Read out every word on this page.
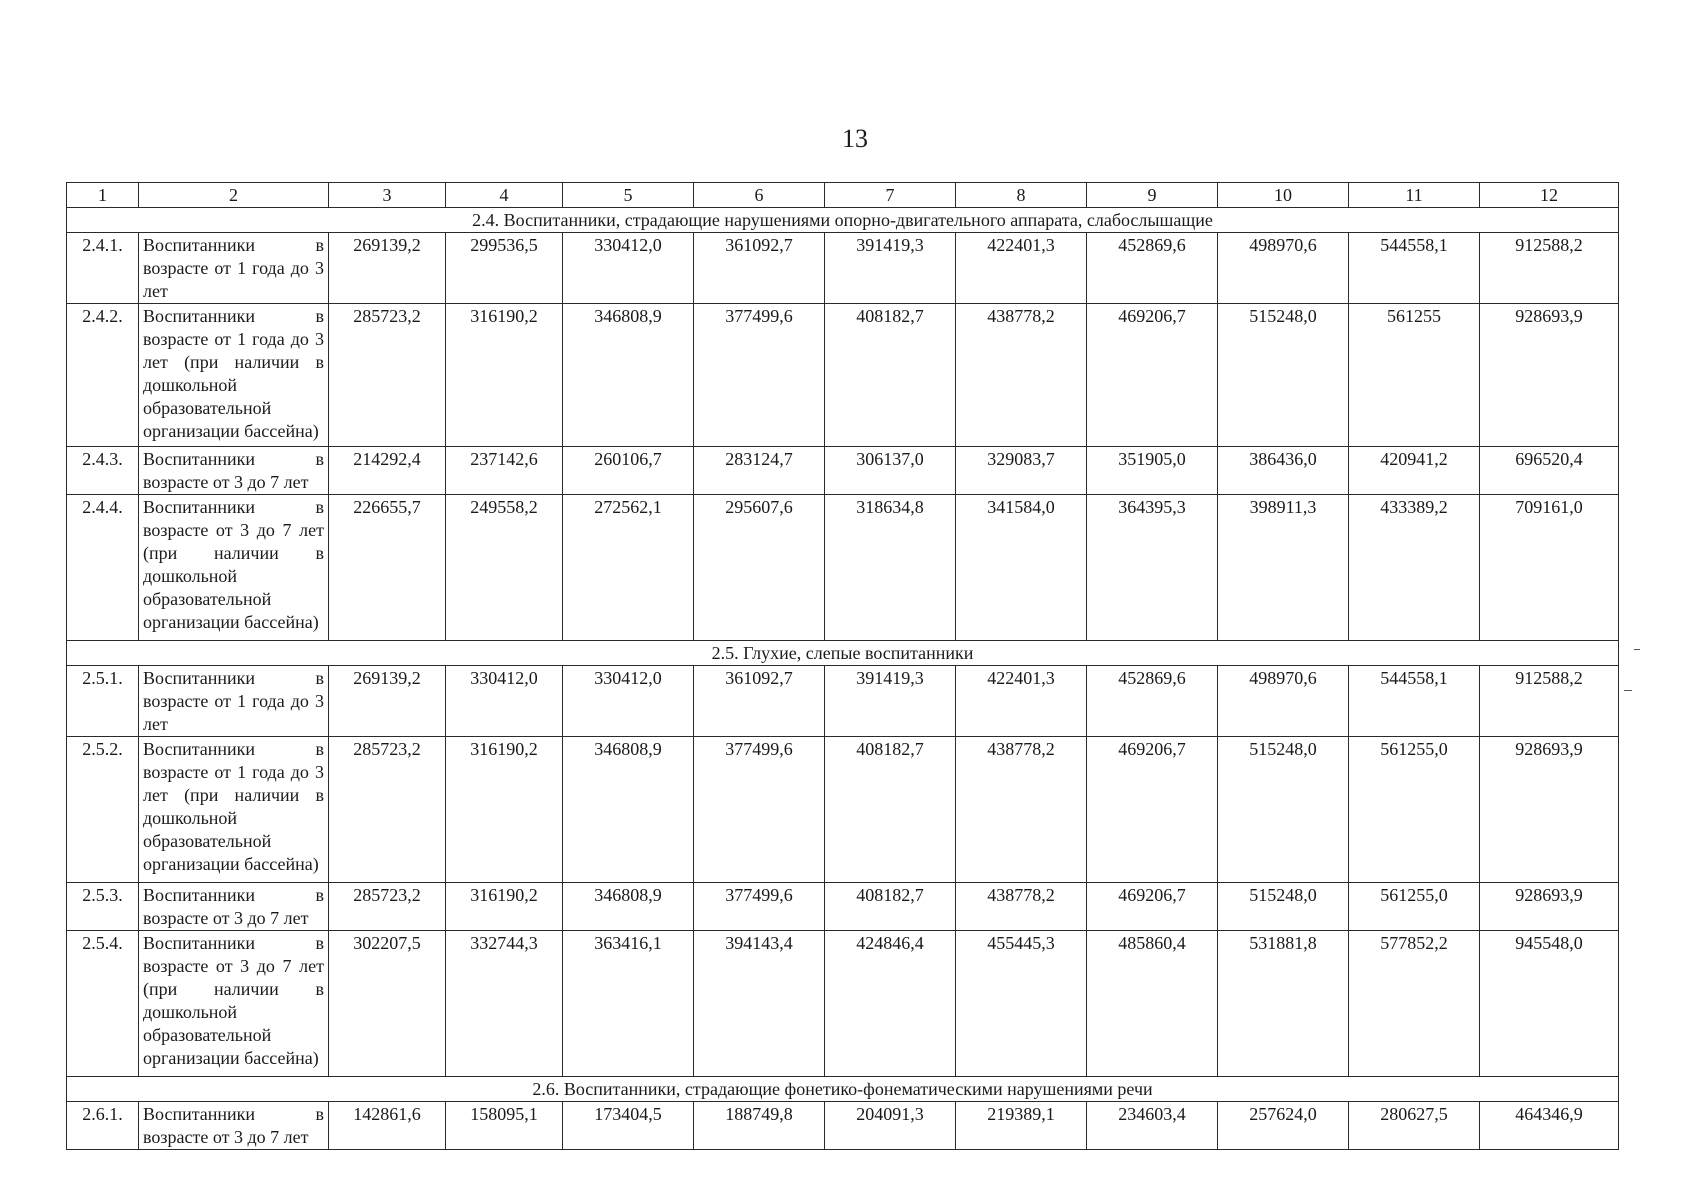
13
1	2	3	4	5	6	7	8	9	10	11	12
2.4. Воспитанники, страдающие нарушениями опорно-двигательного аппарата, слабослышащие											
2.4.1.	Воспитанники в возрасте от 1 года до 3 лет	269139,2	299536,5	330412,0	361092,7	391419,3	422401,3	452869,6	498970,6	544558,1	912588,2
2.4.2.	Воспитанники в возрасте от 1 года до 3 лет (при наличии в дошкольной образовательной организации бассейна)	285723,2	316190,2	346808,9	377499,6	408182,7	438778,2	469206,7	515248,0	561255	928693,9
2.4.3.	Воспитанники в возрасте от 3 до 7 лет	214292,4	237142,6	260106,7	283124,7	306137,0	329083,7	351905,0	386436,0	420941,2	696520,4
2.4.4.	Воспитанники в возрасте от 3 до 7 лет (при наличии в дошкольной образовательной организации бассейна)	226655,7	249558,2	272562,1	295607,6	318634,8	341584,0	364395,3	398911,3	433389,2	709161,0
2.5. Глухие, слепые воспитанники											
2.5.1.	Воспитанники в возрасте от 1 года до 3 лет	269139,2	330412,0	330412,0	361092,7	391419,3	422401,3	452869,6	498970,6	544558,1	912588,2
2.5.2.	Воспитанники в возрасте от 1 года до 3 лет (при наличии в дошкольной образовательной организации бассейна)	285723,2	316190,2	346808,9	377499,6	408182,7	438778,2	469206,7	515248,0	561255,0	928693,9
2.5.3.	Воспитанники в возрасте от 3 до 7 лет	285723,2	316190,2	346808,9	377499,6	408182,7	438778,2	469206,7	515248,0	561255,0	928693,9
2.5.4.	Воспитанники в возрасте от 3 до 7 лет (при наличии в дошкольной образовательной организации бассейна)	302207,5	332744,3	363416,1	394143,4	424846,4	455445,3	485860,4	531881,8	577852,2	945548,0
2.6. Воспитанники, страдающие фонетико-фонематическими нарушениями речи											
2.6.1.	Воспитанники в возрасте от 3 до 7 лет	142861,6	158095,1	173404,5	188749,8	204091,3	219389,1	234603,4	257624,0	280627,5	464346,9
